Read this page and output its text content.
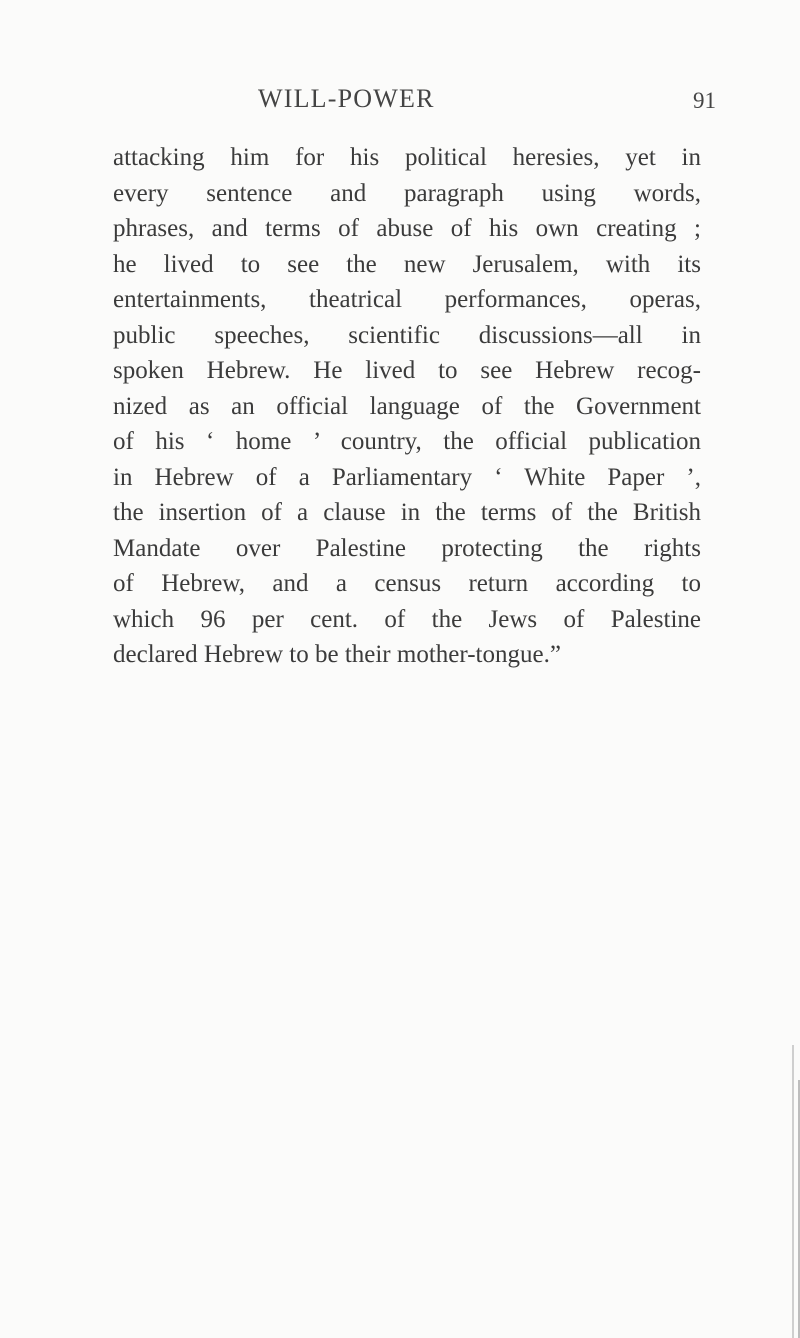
WILL-POWER	91
attacking him for his political heresies, yet in
every sentence and paragraph using words,
phrases, and terms of abuse of his own creating ;
he lived to see the new Jerusalem, with its
entertainments, theatrical performances, operas,
public speeches, scientific discussions—all in
spoken Hebrew. He lived to see Hebrew recog-
nized as an official language of the Government
of his ‘ home ’ country, the official publication
in Hebrew of a Parliamentary ‘ White Paper ’,
the insertion of a clause in the terms of the British
Mandate over Palestine protecting the rights
of Hebrew, and a census return according to
which 96 per cent. of the Jews of Palestine
declared Hebrew to be their mother-tongue.”
